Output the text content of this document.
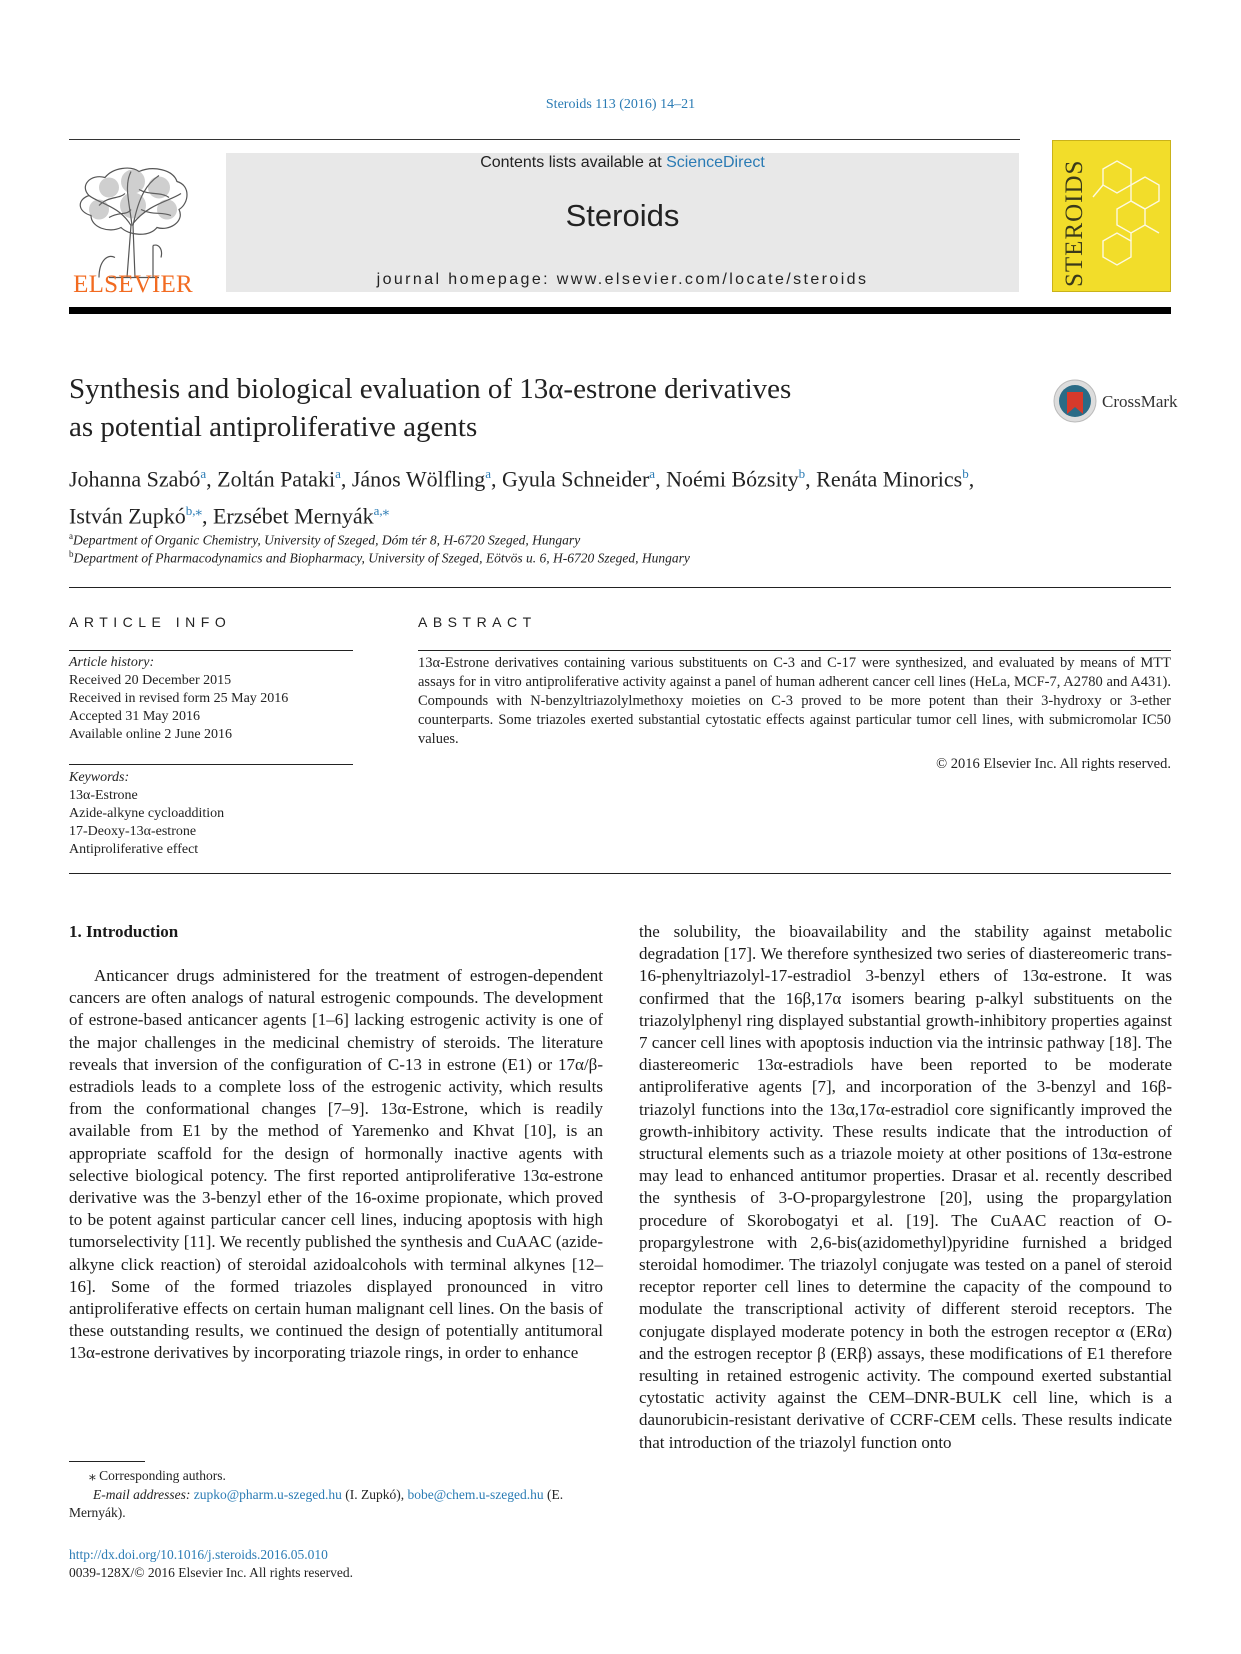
Steroids 113 (2016) 14–21
ELSEVIER
Contents lists available at ScienceDirect
Steroids
journal homepage: www.elsevier.com/locate/steroids	STEROIDS
Synthesis and biological evaluation of 13α-estrone derivatives
as potential antiproliferative agents
CrossMark
Johanna Szabó$^a$, Zoltán Pataki$^a$, János Wölfling$^a$, Gyula Schneider$^a$, Noémi Bózsity$^b$, Renáta Minorics$^b$,
István Zupkó$^{b,⁎}$, Erzsébet Mernyák$^{a,⁎}$
$^a$Department of Organic Chemistry, University of Szeged, Dóm tér 8, H-6720 Szeged, Hungary
$^b$Department of Pharmacodynamics and Biopharmacy, University of Szeged, Eötvös u. 6, H-6720 Szeged, Hungary
ARTICLE INFO
Article history:
Received 20 December 2015
Received in revised form 25 May 2016
Accepted 31 May 2016
Available online 2 June 2016
Keywords:
13α-Estrone
Azide-alkyne cycloaddition
17-Deoxy-13α-estrone
Antiproliferative effect
ABSTRACT
13α-Estrone derivatives containing various substituents on C-3 and C-17 were synthesized, and evaluated by means of MTT assays for in vitro antiproliferative activity against a panel of human adherent cancer cell lines (HeLa, MCF-7, A2780 and A431). Compounds with N-benzyltriazolylmethoxy moieties on C-3 proved to be more potent than their 3-hydroxy or 3-ether counterparts. Some triazoles exerted substantial cytostatic effects against particular tumor cell lines, with submicromolar IC50 values.
© 2016 Elsevier Inc. All rights reserved.
1. Introduction

Anticancer drugs administered for the treatment of estrogen-dependent cancers are often analogs of natural estrogenic compounds. The development of estrone-based anticancer agents [1–6] lacking estrogenic activity is one of the major challenges in the medicinal chemistry of steroids. The literature reveals that inversion of the configuration of C-13 in estrone (E1) or 17α/β-estradiols leads to a complete loss of the estrogenic activity, which results from the conformational changes [7–9]. 13α-Estrone, which is readily available from E1 by the method of Yaremenko and Khvat [10], is an appropriate scaffold for the design of hormonally inactive agents with selective biological potency. The first reported antiproliferative 13α-estrone derivative was the 3-benzyl ether of the 16-oxime propionate, which proved to be potent against particular cancer cell lines, inducing apoptosis with high tumorselectivity [11]. We recently published the synthesis and CuAAC (azide-alkyne click reaction) of steroidal azidoalcohols with terminal alkynes [12–16]. Some of the formed triazoles displayed pronounced in vitro antiproliferative effects on certain human malignant cell lines. On the basis of these outstanding results, we continued the design of potentially antitumoral 13α-estrone derivatives by incorporating triazole rings, in order to enhance

the solubility, the bioavailability and the stability against metabolic degradation [17]. We therefore synthesized two series of diastereomeric trans-16-phenyltriazolyl-17-estradiol 3-benzyl ethers of 13α-estrone. It was confirmed that the 16β,17α isomers bearing p-alkyl substituents on the triazolylphenyl ring displayed substantial growth-inhibitory properties against 7 cancer cell lines with apoptosis induction via the intrinsic pathway [18]. The diastereomeric 13α-estradiols have been reported to be moderate antiproliferative agents [7], and incorporation of the 3-benzyl and 16β-triazolyl functions into the 13α,17α-estradiol core significantly improved the growth-inhibitory activity. These results indicate that the introduction of structural elements such as a triazole moiety at other positions of 13α-estrone may lead to enhanced antitumor properties. Drasar et al. recently described the synthesis of 3-O-propargylestrone [20], using the propargylation procedure of Skorobogatyi et al. [19]. The CuAAC reaction of O-propargylestrone with 2,6-bis(azidomethyl)pyridine furnished a bridged steroidal homodimer. The triazolyl conjugate was tested on a panel of steroid receptor reporter cell lines to determine the capacity of the compound to modulate the transcriptional activity of different steroid receptors. The conjugate displayed moderate potency in both the estrogen receptor α (ERα) and the estrogen receptor β (ERβ) assays, these modifications of E1 therefore resulting in retained estrogenic activity. The compound exerted substantial cytostatic activity against the CEM–DNR-BULK cell line, which is a daunorubicin-resistant derivative of CCRF-CEM cells. These results indicate that introduction of the triazolyl function onto

⁎ Corresponding authors.
E-mail addresses: zupko@pharm.u-szeged.hu (I. Zupkó), bobe@chem.u-szeged.hu (E. Mernyák).
http://dx.doi.org/10.1016/j.steroids.2016.05.010
0039-128X/© 2016 Elsevier Inc. All rights reserved.
